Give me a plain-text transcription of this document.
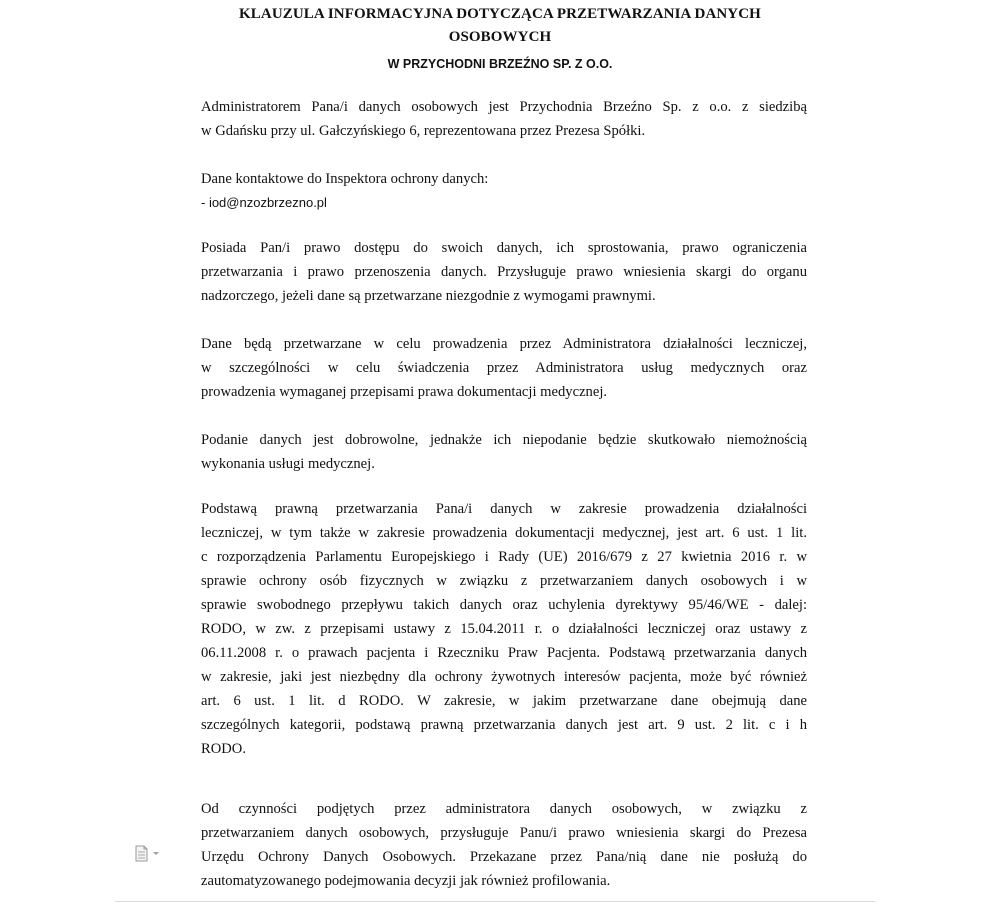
KLAUZULA INFORMACYJNA DOTYCZĄCA PRZETWARZANIA DANYCH
OSOBOWYCH
W PRZYCHODNI BRZEŹNO SP. Z O.O.
Administratorem Pana/i danych osobowych jest Przychodnia Brzeźno Sp. z o.o. z siedzibą
w Gdańsku przy ul. Gałczyńskiego 6, reprezentowana przez Prezesa Spółki.
Dane kontaktowe do Inspektora ochrony danych:
- iod@nzozbrzezno.pl
Posiada Pan/i prawo dostępu do swoich danych, ich sprostowania, prawo ograniczenia
przetwarzania i prawo przenoszenia danych. Przysługuje prawo wniesienia skargi do organu
nadzorczego, jeżeli dane są przetwarzane niezgodnie z wymogami prawnymi.
Dane będą przetwarzane w celu prowadzenia przez Administratora działalności leczniczej,
w szczególności w celu świadczenia przez Administratora usług medycznych oraz
prowadzenia wymaganej przepisami prawa dokumentacji medycznej.
Podanie danych jest dobrowolne, jednakże ich niepodanie będzie skutkowało niemożnością
wykonania usługi medycznej.
Podstawą prawną przetwarzania Pana/i danych w zakresie prowadzenia działalności
leczniczej, w tym także w zakresie prowadzenia dokumentacji medycznej, jest art. 6 ust. 1 lit.
c rozporządzenia Parlamentu Europejskiego i Rady (UE) 2016/679 z 27 kwietnia 2016 r. w
sprawie ochrony osób fizycznych w związku z przetwarzaniem danych osobowych i w
sprawie swobodnego przepływu takich danych oraz uchylenia dyrektywy 95/46/WE - dalej:
RODO, w zw. z przepisami ustawy z 15.04.2011 r. o działalności leczniczej oraz ustawy z
06.11.2008 r. o prawach pacjenta i Rzeczniku Praw Pacjenta. Podstawą przetwarzania danych
w zakresie, jaki jest niezbędny dla ochrony żywotnych interesów pacjenta, może być również
art. 6 ust. 1 lit. d RODO. W zakresie, w jakim przetwarzane dane obejmują dane
szczególnych kategorii, podstawą prawną przetwarzania danych jest art. 9 ust. 2 lit. c i h
RODO.
Od czynności podjętych przez administratora danych osobowych, w związku z
przetwarzaniem danych osobowych, przysługuje Panu/i prawo wniesienia skargi do Prezesa
Urzędu Ochrony Danych Osobowych. Przekazane przez Pana/nią dane nie posłużą do
zautomatyzowanego podejmowania decyzji jak również profilowania.
